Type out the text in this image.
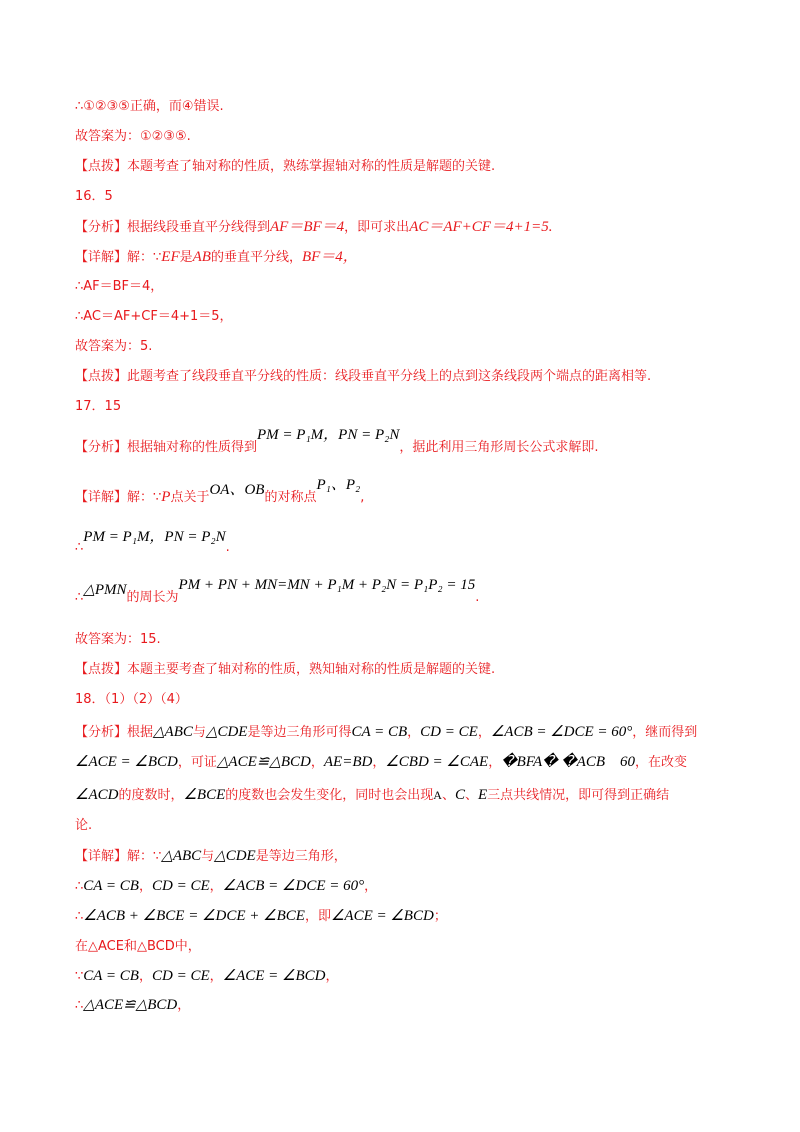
∴①②③⑤正确，而④错误.
故答案为：①②③⑤.
【点拨】本题考查了轴对称的性质，熟练掌握轴对称的性质是解题的关键.
16．5
【分析】根据线段垂直平分线得到AF＝BF＝4，即可求出AC＝AF+CF＝4+1=5.
【详解】解：∵EF是AB的垂直平分线，BF＝4，
∴AF＝BF＝4，
∴AC＝AF+CF＝4+1＝5，
故答案为：5.
【点拨】此题考查了线段垂直平分线的性质：线段垂直平分线上的点到这条线段两个端点的距离相等.
17．15
【分析】根据轴对称的性质得到PM = P₁M，PN = P₂N，据此利用三角形周长公式求解即.
【详解】解：∵P点关于OA、OB的对称点P₁、P₂,
∴PM = P₁M，PN = P₂N.
∴△PMN的周长为PM + PN + MN=MN + P₁M + P₂N = P₁P₂ = 15.
故答案为：15.
【点拨】本题主要考查了轴对称的性质，熟知轴对称的性质是解题的关键.
18．（1）（2）（4）
【分析】根据△ABC与△CDE是等边三角形可得CA = CB，CD = CE，∠ACB = ∠DCE = 60°，继而得到
∠ACE = ∠BCD，可证△ACE≌△BCD，AE=BD，∠CBD = ∠CAE，�BFA� �ACB    60，在改变
∠ACD的度数时，∠BCE的度数也会发生变化，同时也会出现A、C、E三点共线情况，即可得到正确结
论.
【详解】解：∵△ABC与△CDE是等边三角形，
∴CA = CB，CD = CE，∠ACB = ∠DCE = 60°，
∴∠ACB + ∠BCE = ∠DCE + ∠BCE，即∠ACE = ∠BCD；
在△ACE和△BCD中，
∵CA = CB，CD = CE，∠ACE = ∠BCD，
∴△ACE≌△BCD，
